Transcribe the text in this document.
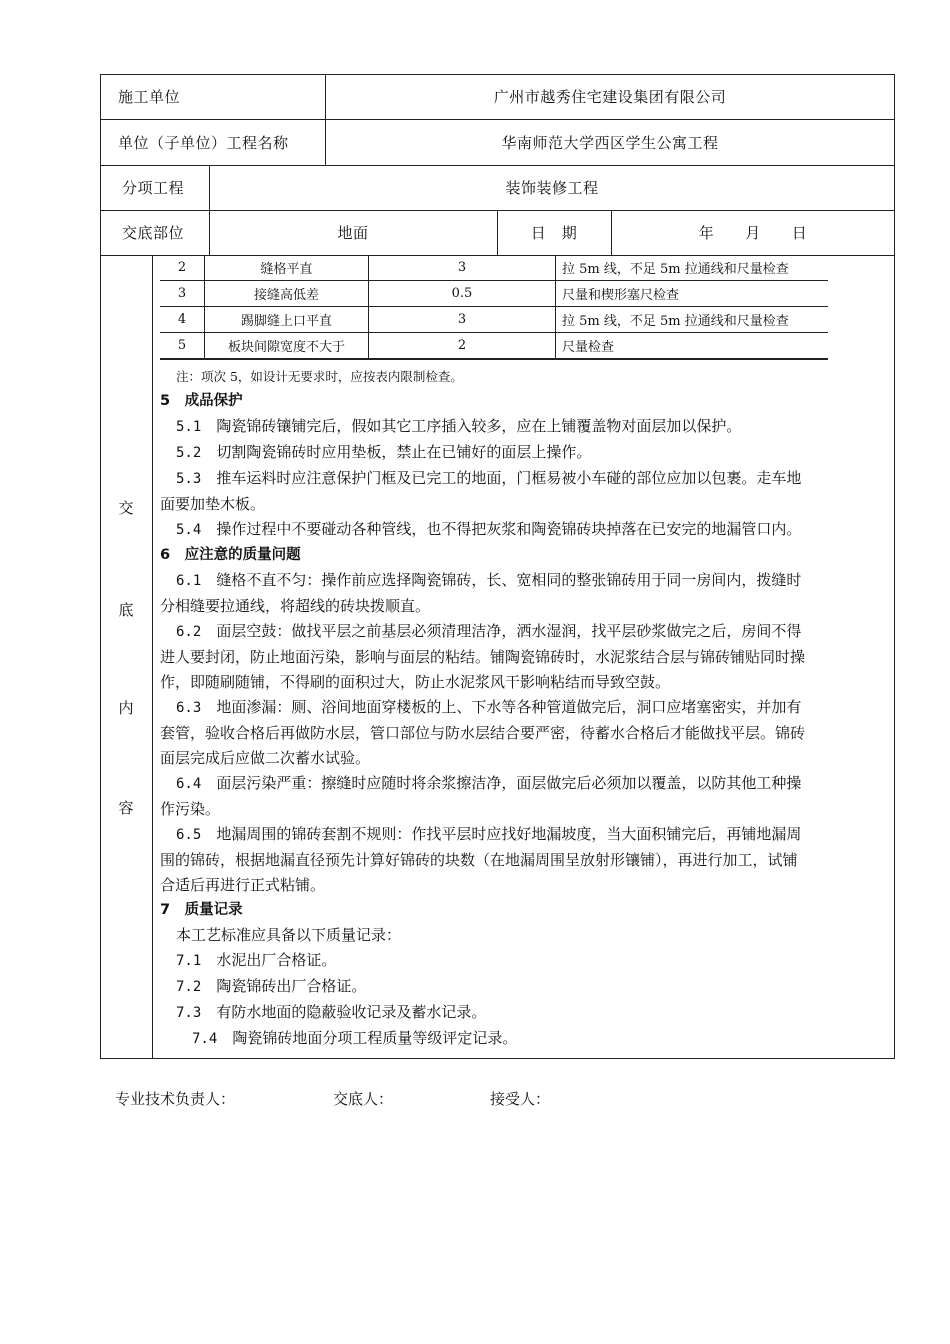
施工单位	广州市越秀住宅建设集团有限公司
单位（子单位）工程名称	华南师范大学西区学生公寓工程
分项工程	装饰装修工程
交底部位	地面	日　期	年　　月　　日
交
底
内
容
2	缝格平直	3	拉 5m 线，不足 5m 拉通线和尺量检查
3	接缝高低差	0.5	尺量和楔形塞尺检查
4	踢脚缝上口平直	3	拉 5m 线，不足 5m 拉通线和尺量检查
5	板块间隙宽度不大于	2	尺量检查

注：项次 5，如设计无要求时，应按表内限制检查。

5　成品保护

5.1　 陶瓷锦砖镶铺完后，假如其它工序插入较多，应在上铺覆盖物对面层加以保护。

5.2　 切割陶瓷锦砖时应用垫板，禁止在已铺好的面层上操作。

5.3　 推车运料时应注意保护门框及已完工的地面，门框易被小车碰的部位应加以包裹。走车地

面要加垫木板。

5.4　 操作过程中不要碰动各种管线，也不得把灰浆和陶瓷锦砖块掉落在已安完的地漏管口内。

6　应注意的质量问题

6.1　 缝格不直不匀：操作前应选择陶瓷锦砖，长、宽相同的整张锦砖用于同一房间内，拨缝时

分相缝要拉通线，将超线的砖块拨顺直。

6.2　 面层空鼓：做找平层之前基层必须清理洁净，洒水湿润，找平层砂浆做完之后，房间不得

进人要封闭，防止地面污染，影响与面层的粘结。铺陶瓷锦砖时，水泥浆结合层与锦砖铺贴同时操

作，即随刷随铺，不得刷的面积过大，防止水泥浆风干影响粘结而导致空鼓。

6.3　 地面渗漏：厕、浴间地面穿楼板的上、下水等各种管道做完后，洞口应堵塞密实，并加有

套管，验收合格后再做防水层，管口部位与防水层结合要严密，待蓄水合格后才能做找平层。锦砖

面层完成后应做二次蓄水试验。

6.4　 面层污染严重：擦缝时应随时将余浆擦洁净，面层做完后必须加以覆盖，以防其他工种操

作污染。

6.5　 地漏周围的锦砖套割不规则：作找平层时应找好地漏坡度，当大面积铺完后，再铺地漏周

围的锦砖，根据地漏直径预先计算好锦砖的块数（在地漏周围呈放射形镶铺），再进行加工，试铺

合适后再进行正式粘铺。

7　质量记录

本工艺标准应具备以下质量记录：

7.1　 水泥出厂合格证。

7.2　 陶瓷锦砖出厂合格证。

7.3　 有防水地面的隐蔽验收记录及蓄水记录。

7.4　 陶瓷锦砖地面分项工程质量等级评定记录。

专业技术负责人：	交底人：	接受人：
